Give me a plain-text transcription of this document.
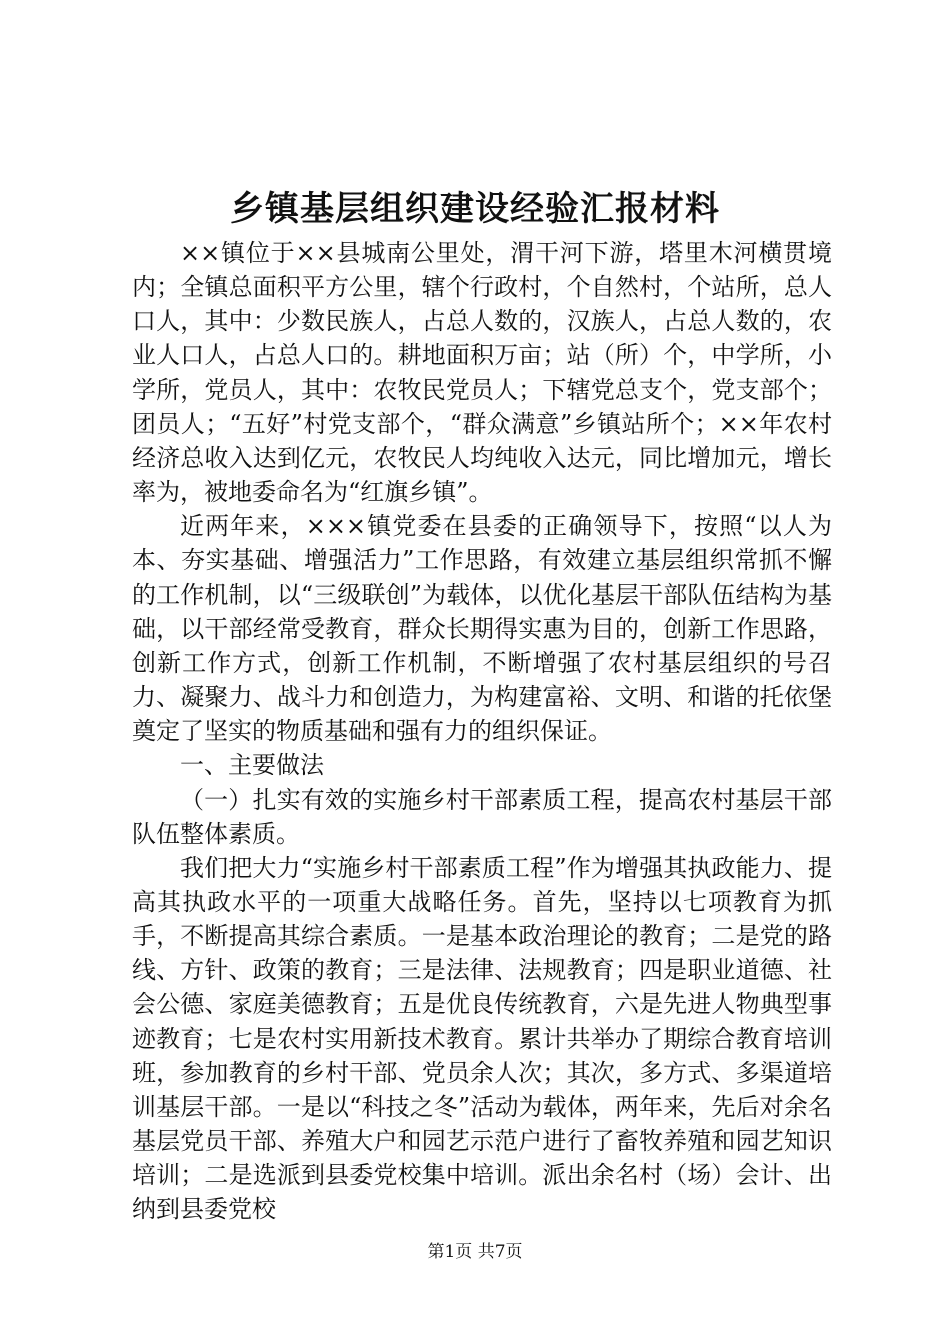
乡镇基层组织建设经验汇报材料

××镇位于××县城南公里处，渭干河下游，塔里木河横贯境内；全镇总面积平方公里，辖个行政村，个自然村，个站所，总人口人，其中：少数民族人，占总人数的，汉族人，占总人数的，农业人口人，占总人口的。耕地面积万亩；站（所）个，中学所，小学所，党员人，其中：农牧民党员人；下辖党总支个，党支部个；团员人；“五好”村党支部个，“群众满意”乡镇站所个；××年农村经济总收入达到亿元，农牧民人均纯收入达元，同比增加元，增长率为，被地委命名为“红旗乡镇”。

近两年来，×××镇党委在县委的正确领导下，按照“以人为本、夯实基础、增强活力”工作思路，有效建立基层组织常抓不懈的工作机制，以“三级联创”为载体，以优化基层干部队伍结构为基础，以干部经常受教育，群众长期得实惠为目的，创新工作思路，创新工作方式，创新工作机制，不断增强了农村基层组织的号召力、凝聚力、战斗力和创造力，为构建富裕、文明、和谐的托依堡奠定了坚实的物质基础和强有力的组织保证。

一、主要做法

（一）扎实有效的实施乡村干部素质工程，提高农村基层干部队伍整体素质。

我们把大力“实施乡村干部素质工程”作为增强其执政能力、提高其执政水平的一项重大战略任务。首先，坚持以七项教育为抓手，不断提高其综合素质。一是基本政治理论的教育；二是党的路线、方针、政策的教育；三是法律、法规教育；四是职业道德、社会公德、家庭美德教育；五是优良传统教育，六是先进人物典型事迹教育；七是农村实用新技术教育。累计共举办了期综合教育培训班，参加教育的乡村干部、党员余人次；其次，多方式、多渠道培训基层干部。一是以“科技之冬”活动为载体，两年来，先后对余名基层党员干部、养殖大户和园艺示范户进行了畜牧养殖和园艺知识培训；二是选派到县委党校集中培训。派出余名村（场）会计、出纳到县委党校

第1页 共7页
